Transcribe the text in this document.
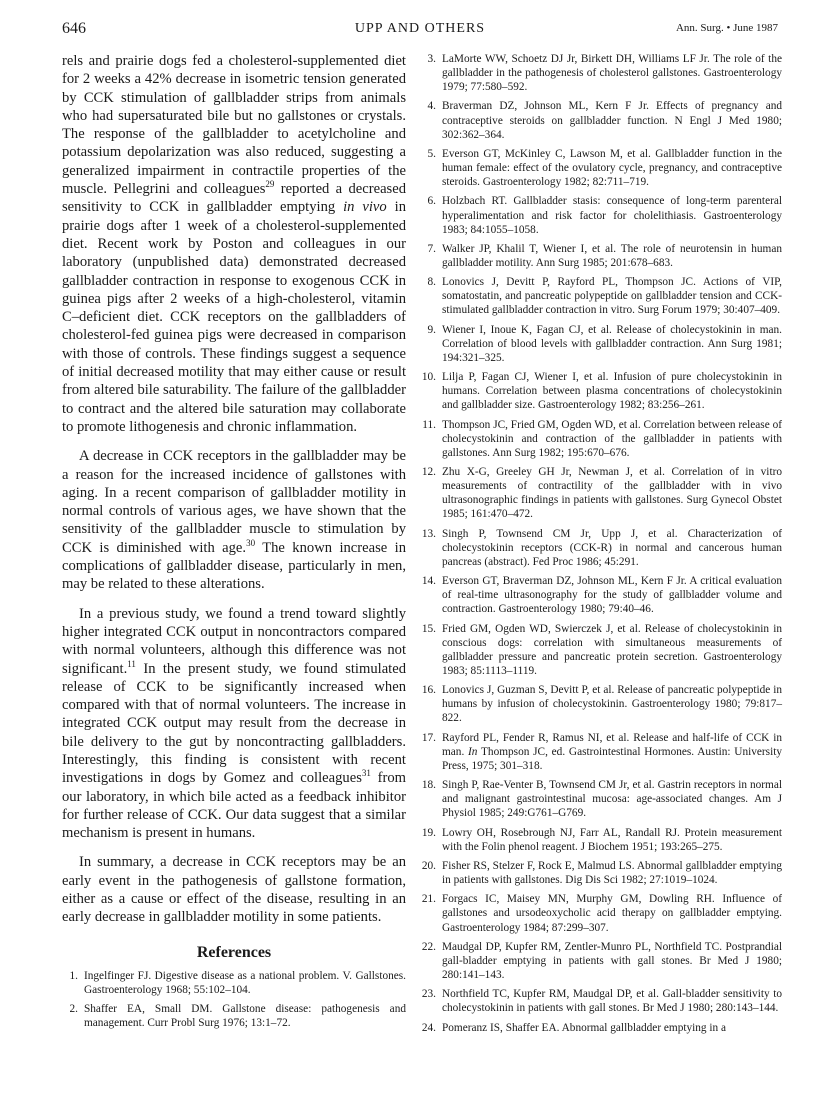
646	UPP AND OTHERS	Ann. Surg. • June 1987

rels and prairie dogs fed a cholesterol-supplemented diet for 2 weeks a 42% decrease in isometric tension generated by CCK stimulation of gallbladder strips from animals who had supersaturated bile but no gallstones or crystals. The response of the gallbladder to acetylcholine and potassium depolarization was also reduced, suggesting a generalized impairment in contractile properties of the muscle. Pellegrini and colleagues$^{29}$ reported a decreased sensitivity to CCK in gallbladder emptying in vivo in prairie dogs after 1 week of a cholesterol-supplemented diet. Recent work by Poston and colleagues in our laboratory (unpublished data) demonstrated decreased gallbladder contraction in response to exogenous CCK in guinea pigs after 2 weeks of a high-cholesterol, vitamin C–deficient diet. CCK receptors on the gallbladders of cholesterol-fed guinea pigs were decreased in comparison with those of controls. These findings suggest a sequence of initial decreased motility that may either cause or result from altered bile saturability. The failure of the gallbladder to contract and the altered bile saturation may collaborate to promote lithogenesis and chronic inflammation.

A decrease in CCK receptors in the gallbladder may be a reason for the increased incidence of gallstones with aging. In a recent comparison of gallbladder motility in normal controls of various ages, we have shown that the sensitivity of the gallbladder muscle to stimulation by CCK is diminished with age.$^{30}$ The known increase in complications of gallbladder disease, particularly in men, may be related to these alterations.

In a previous study, we found a trend toward slightly higher integrated CCK output in noncontractors compared with normal volunteers, although this difference was not significant.$^{11}$ In the present study, we found stimulated release of CCK to be significantly increased when compared with that of normal volunteers. The increase in integrated CCK output may result from the decrease in bile delivery to the gut by noncontracting gallbladders. Interestingly, this finding is consistent with recent investigations in dogs by Gomez and colleagues$^{31}$ from our laboratory, in which bile acted as a feedback inhibitor for further release of CCK. Our data suggest that a similar mechanism is present in humans.

In summary, a decrease in CCK receptors may be an early event in the pathogenesis of gallstone formation, either as a cause or effect of the disease, resulting in an early decrease in gallbladder motility in some patients.

References
1. Ingelfinger FJ. Digestive disease as a national problem. V. Gallstones. Gastroenterology 1968; 55:102–104.
2. Shaffer EA, Small DM. Gallstone disease: pathogenesis and management. Curr Probl Surg 1976; 13:1–72.
3. LaMorte WW, Schoetz DJ Jr, Birkett DH, Williams LF Jr. The role of the gallbladder in the pathogenesis of cholesterol gallstones. Gastroenterology 1979; 77:580–592.
4. Braverman DZ, Johnson ML, Kern F Jr. Effects of pregnancy and contraceptive steroids on gallbladder function. N Engl J Med 1980; 302:362–364.
5. Everson GT, McKinley C, Lawson M, et al. Gallbladder function in the human female: effect of the ovulatory cycle, pregnancy, and contraceptive steroids. Gastroenterology 1982; 82:711–719.
6. Holzbach RT. Gallbladder stasis: consequence of long-term parenteral hyperalimentation and risk factor for cholelithiasis. Gastroenterology 1983; 84:1055–1058.
7. Walker JP, Khalil T, Wiener I, et al. The role of neurotensin in human gallbladder motility. Ann Surg 1985; 201:678–683.
8. Lonovics J, Devitt P, Rayford PL, Thompson JC. Actions of VIP, somatostatin, and pancreatic polypeptide on gallbladder tension and CCK-stimulated gallbladder contraction in vitro. Surg Forum 1979; 30:407–409.
9. Wiener I, Inoue K, Fagan CJ, et al. Release of cholecystokinin in man. Correlation of blood levels with gallbladder contraction. Ann Surg 1981; 194:321–325.
10. Lilja P, Fagan CJ, Wiener I, et al. Infusion of pure cholecystokinin in humans. Correlation between plasma concentrations of cholecystokinin and gallbladder size. Gastroenterology 1982; 83:256–261.
11. Thompson JC, Fried GM, Ogden WD, et al. Correlation between release of cholecystokinin and contraction of the gallbladder in patients with gallstones. Ann Surg 1982; 195:670–676.
12. Zhu X-G, Greeley GH Jr, Newman J, et al. Correlation of in vitro measurements of contractility of the gallbladder with in vivo ultrasonographic findings in patients with gallstones. Surg Gynecol Obstet 1985; 161:470–472.
13. Singh P, Townsend CM Jr, Upp J, et al. Characterization of cholecystokinin receptors (CCK-R) in normal and cancerous human pancreas (abstract). Fed Proc 1986; 45:291.
14. Everson GT, Braverman DZ, Johnson ML, Kern F Jr. A critical evaluation of real-time ultrasonography for the study of gallbladder volume and contraction. Gastroenterology 1980; 79:40–46.
15. Fried GM, Ogden WD, Swierczek J, et al. Release of cholecystokinin in conscious dogs: correlation with simultaneous measurements of gallbladder pressure and pancreatic protein secretion. Gastroenterology 1983; 85:1113–1119.
16. Lonovics J, Guzman S, Devitt P, et al. Release of pancreatic polypeptide in humans by infusion of cholecystokinin. Gastroenterology 1980; 79:817–822.
17. Rayford PL, Fender R, Ramus NI, et al. Release and half-life of CCK in man. In Thompson JC, ed. Gastrointestinal Hormones. Austin: University Press, 1975; 301–318.
18. Singh P, Rae-Venter B, Townsend CM Jr, et al. Gastrin receptors in normal and malignant gastrointestinal mucosa: age-associated changes. Am J Physiol 1985; 249:G761–G769.
19. Lowry OH, Rosebrough NJ, Farr AL, Randall RJ. Protein measurement with the Folin phenol reagent. J Biochem 1951; 193:265–275.
20. Fisher RS, Stelzer F, Rock E, Malmud LS. Abnormal gallbladder emptying in patients with gallstones. Dig Dis Sci 1982; 27:1019–1024.
21. Forgacs IC, Maisey MN, Murphy GM, Dowling RH. Influence of gallstones and ursodeoxycholic acid therapy on gallbladder emptying. Gastroenterology 1984; 87:299–307.
22. Maudgal DP, Kupfer RM, Zentler-Munro PL, Northfield TC. Postprandial gall-bladder emptying in patients with gall stones. Br Med J 1980; 280:141–143.
23. Northfield TC, Kupfer RM, Maudgal DP, et al. Gall-bladder sensitivity to cholecystokinin in patients with gall stones. Br Med J 1980; 280:143–144.
24. Pomeranz IS, Shaffer EA. Abnormal gallbladder emptying in a
